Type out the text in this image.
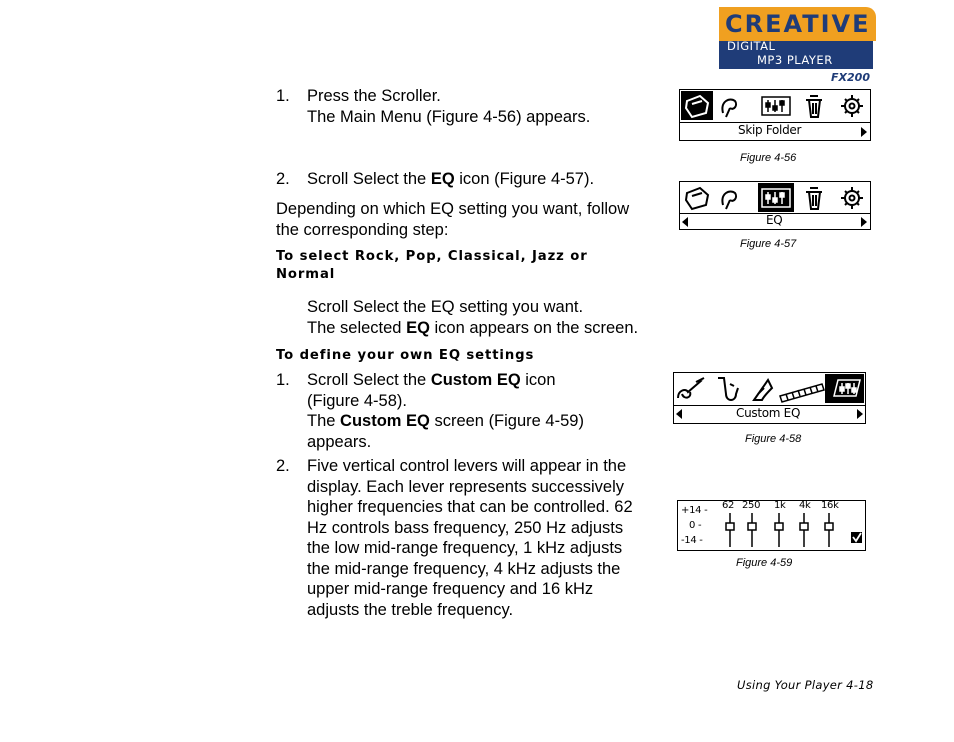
CREATIVE
DIGITAL
MP3 PLAYER
FX200
1. Press the Scroller.
The Main Menu (Figure 4-56) appears.
2. Scroll Select the EQ icon (Figure 4-57).
Depending on which EQ setting you want, follow
the corresponding step:
To select Rock, Pop, Classical, Jazz or
Normal
Scroll Select the EQ setting you want.
The selected EQ icon appears on the screen.
To define your own EQ settings
1. Scroll Select the Custom EQ icon
(Figure 4-58).
The Custom EQ screen (Figure 4-59)
appears.
2. Five vertical control levers will appear in the
display. Each lever represents successively
higher frequencies that can be controlled. 62
Hz controls bass frequency, 250 Hz adjusts
the low mid-range frequency, 1 kHz adjusts
the mid-range frequency, 4 kHz adjusts the
upper mid-range frequency and 16 kHz
adjusts the treble frequency.
Skip Folder
Figure 4-56
EQ
Figure 4-57
Custom EQ
Figure 4-58
+14 -
0 -
-14 -
62 250 1k 4k 16k
Figure 4-59
Using Your Player 4-18
